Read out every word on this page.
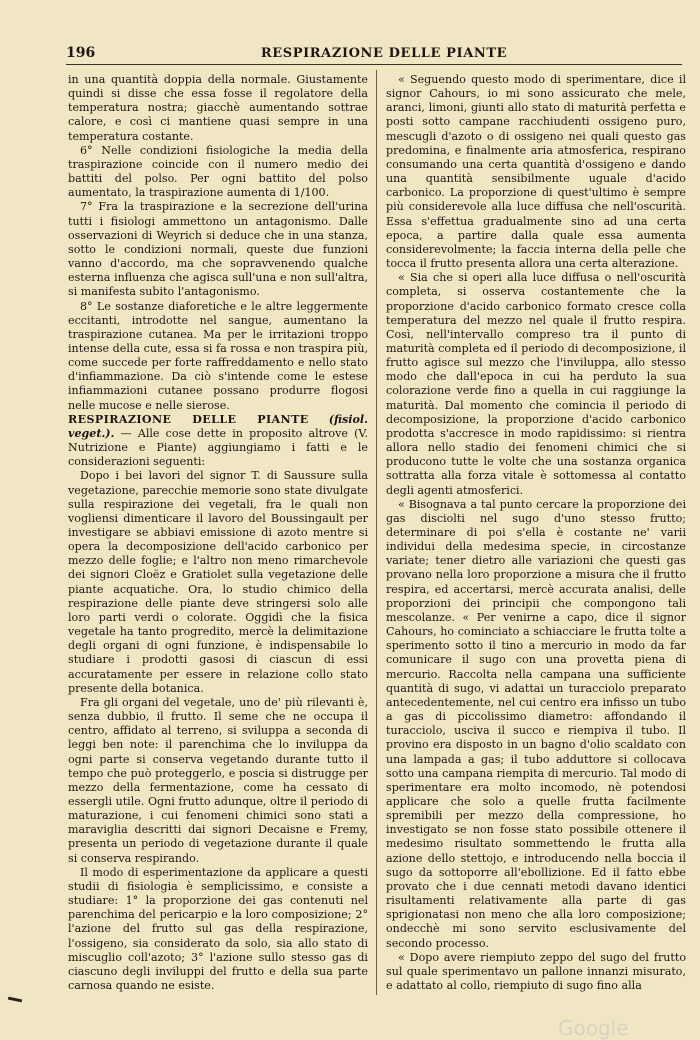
196	RESPIRAZIONE DELLE PIANTE

in una quantità doppia della normale. Giustamente quindi si disse che essa fosse il regolatore della temperatura nostra; giacchè aumentando sottrae calore, e così ci mantiene quasi sempre in una temperatura costante.

6° Nelle condizioni fisiologiche la media della traspirazione coincide con il numero medio dei battiti del polso. Per ogni battito del polso aumentato, la traspirazione aumenta di 1/100.

7° Fra la traspirazione e la secrezione dell'urina tutti i fisiologi ammettono un antagonismo. Dalle osservazioni di Weyrich si deduce che in una stanza, sotto le condizioni normali, queste due funzioni vanno d'accordo, ma che sopravvenendo qualche esterna influenza che agisca sull'una e non sull'altra, si manifesta subito l'antagonismo.

8° Le sostanze diaforetiche e le altre leggermente eccitanti, introdotte nel sangue, aumentano la traspirazione cutanea. Ma per le irritazioni troppo intense della cute, essa si fa rossa e non traspira più, come succede per forte raffreddamento e nello stato d'infiammazione. Da ciò s'intende come le estese infiammazioni cutanee possano produrre flogosi nelle mucose e nelle sierose.

RESPIRAZIONE DELLE PIANTE (fisiol. veget.). — Alle cose dette in proposito altrove (V. Nutrizione e Piante) aggiungiamo i fatti e le considerazioni seguenti:

Dopo i bei lavori del signor T. di Saussure sulla vegetazione, parecchie memorie sono state divulgate sulla respirazione dei vegetali, fra le quali non vogliensi dimenticare il lavoro del Boussingault per investigare se abbiavi emissione di azoto mentre si opera la decomposizione dell'acido carbonico per mezzo delle foglie; e l'altro non meno rimarchevole dei signori Cloëz e Gratiolet sulla vegetazione delle piante acquatiche. Ora, lo studio chimico della respirazione delle piante deve stringersi solo alle loro parti verdi o colorate. Oggidì che la fisica vegetale ha tanto progredito, mercè la delimitazione degli organi di ogni funzione, è indispensabile lo studiare i prodotti gasosi di ciascun di essi accuratamente per essere in relazione collo stato presente della botanica.

Fra gli organi del vegetale, uno de' più rilevanti è, senza dubbio, il frutto. Il seme che ne occupa il centro, affidato al terreno, si sviluppa a seconda di leggi ben note: il parenchima che lo inviluppa da ogni parte si conserva vegetando durante tutto il tempo che può proteggerlo, e poscia si distrugge per mezzo della fermentazione, come ha cessato di essergli utile. Ogni frutto adunque, oltre il periodo di maturazione, i cui fenomeni chimici sono stati a maraviglia descritti dai signori Decaisne e Fremy, presenta un periodo di vegetazione durante il quale si conserva respirando.

Il modo di esperimentazione da applicare a questi studii di fisiologia è semplicissimo, e consiste a studiare: 1° la proporzione dei gas contenuti nel parenchima del pericarpio e la loro composizione; 2° l'azione del frutto sul gas della respirazione, l'ossigeno, sia considerato da solo, sia allo stato di miscuglio coll'azoto; 3° l'azione sullo stesso gas di ciascuno degli inviluppi del frutto e della sua parte carnosa quando ne esiste.

« Seguendo questo modo di sperimentare, dice il signor Cahours, io mi sono assicurato che mele, aranci, limoni, giunti allo stato di maturità perfetta e posti sotto campane racchiudenti ossigeno puro, mescugli d'azoto o di ossigeno nei quali questo gas predomina, e finalmente aria atmosferica, respirano consumando una certa quantità d'ossigeno e dando una quantità sensibilmente uguale d'acido carbonico. La proporzione di quest'ultimo è sempre più considerevole alla luce diffusa che nell'oscurità. Essa s'effettua gradualmente sino ad una certa epoca, a partire dalla quale essa aumenta considerevolmente; la faccia interna della pelle che tocca il frutto presenta allora una certa alterazione.

« Sia che si operi alla luce diffusa o nell'oscurità completa, si osserva costantemente che la proporzione d'acido carbonico formato cresce colla temperatura del mezzo nel quale il frutto respira. Così, nell'intervallo compreso tra il punto di maturità completa ed il periodo di decomposizione, il frutto agisce sul mezzo che l'inviluppa, allo stesso modo che dall'epoca in cui ha perduto la sua colorazione verde fino a quella in cui raggiunge la maturità. Dal momento che comincia il periodo di decomposizione, la proporzione d'acido carbonico prodotta s'accresce in modo rapidissimo: si rientra allora nello stadio dei fenomeni chimici che si producono tutte le volte che una sostanza organica sottratta alla forza vitale è sottomessa al contatto degli agenti atmosferici.

« Bisognava a tal punto cercare la proporzione dei gas disciolti nel sugo d'uno stesso frutto; determinare di poi s'ella è costante ne' varii individui della medesima specie, in circostanze variate; tener dietro alle variazioni che questi gas provano nella loro proporzione a misura che il frutto respira, ed accertarsi, mercè accurata analisi, delle proporzioni dei principii che compongono tali mescolanze. « Per venirne a capo, dice il signor Cahours, ho cominciato a schiacciare le frutta tolte a sperimento sotto il tino a mercurio in modo da far comunicare il sugo con una provetta piena di mercurio. Raccolta nella campana una sufficiente quantità di sugo, vi adattai un turacciolo preparato antecedentemente, nel cui centro era infisso un tubo a gas di piccolissimo diametro: affondando il turacciolo, usciva il succo e riempiva il tubo. Il provino era disposto in un bagno d'olio scaldato con una lampada a gas; il tubo adduttore si collocava sotto una campana riempita di mercurio. Tal modo di sperimentare era molto incomodo, nè potendosi applicare che solo a quelle frutta facilmente spremibili per mezzo della compressione, ho investigato se non fosse stato possibile ottenere il medesimo risultato sommettendo le frutta alla azione dello stettojo, e introducendo nella boccia il sugo da sottoporre all'ebollizione. Ed il fatto ebbe provato che i due cennati metodi davano identici risultamenti relativamente alla parte di gas sprigionatasi non meno che alla loro composizione; ondecchè mi sono servito esclusivamente del secondo processo.

« Dopo avere riempiuto zeppo del sugo del frutto sul quale sperimentavo un pallone innanzi misurato, e adattato al collo, riempiuto di sugo fino alla

Google
